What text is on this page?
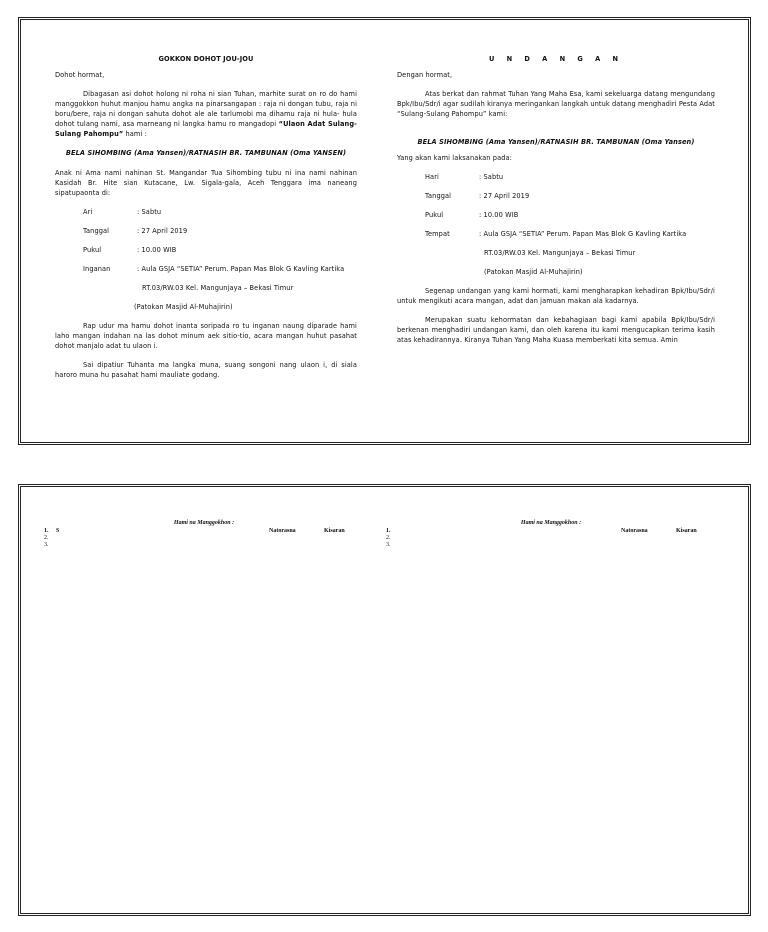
GOKKON DOHOT JOU-JOU

Dohot hormat,

Dibagasan asi dohot holong ni roha ni sian Tuhan, marhite surat on ro do hami manggokkon huhut manjou hamu angka na pinarsangapan : raja ni dongan tubu, raja ni boru/bere, raja ni dongan sahuta dohot ale ale tarlumobi ma dihamu raja ni hula- hula dohot tulang nami, asa marneang ni langka hamu ro mangadopi “Ulaon Adat Sulang-Sulang Pahompu” hami :

BELA SIHOMBING (Ama Yansen)/RATNASIH BR. TAMBUNAN (Oma YANSEN)

Anak ni Ama nami nahinan St. Mangandar Tua Sihombing tubu ni ina nami nahinan Kasidah Br. Hite sian Kutacane, Lw. Sigala-gala, Aceh Tenggara ima naneang sipatupaonta di:

Ari	: Sabtu
Tanggal	: 27 April 2019
Pukul	: 10.00 WIB
Inganan	: Aula GSJA “SETIA” Perum. Papan Mas Blok G Kavling Kartika
RT.03/RW.03 Kel. Mangunjaya – Bekasi Timur
(Patokan Masjid Al-Muhajirin)

Rap udur ma hamu dohot inanta soripada ro tu inganan naung diparade hami laho mangan indahan na las dohot minum aek sitio-tio, acara mangan huhut pasahat dohot manjalo adat tu ulaon i.

Sai dipatiur Tuhanta ma langka muna, suang songoni nang ulaon i, di siala haroro muna hu pasahat hami mauliate godang.

U N D A N G A N

Dengan hormat,

Atas berkat dan rahmat Tuhan Yang Maha Esa, kami sekeluarga datang mengundang Bpk/Ibu/Sdr/i agar sudilah kiranya meringankan langkah untuk datang menghadiri Pesta Adat “Sulang-Sulang Pahompu” kami:

BELA SIHOMBING (Ama Yansen)/RATNASIH BR. TAMBUNAN (Oma Yansen)

Yang akan kami laksanakan pada:

Hari	: Sabtu
Tanggal	: 27 April 2019
Pukul	: 10.00 WIB
Tempat	: Aula GSJA “SETIA” Perum. Papan Mas Blok G Kavling Kartika
RT.03/RW.03 Kel. Mangunjaya – Bekasi Timur
(Patokan Masjid Al-Muhajirin)

Segenap undangan yang kami hormati, kami mengharapkan kehadiran Bpk/Ibu/Sdr/i untuk mengikuti acara mangan, adat dan jamuan makan ala kadarnya.

Merupakan suatu kehormatan dan kebahagiaan bagi kami apabila Bpk/Ibu/Sdr/i berkenan menghadiri undangan kami, dan oleh karena itu kami mengucapkan terima kasih atas kehadirannya. Kiranya Tuhan Yang Maha Kuasa memberkati kita semua. Amin

Hami na Manggokhon :
1.	S	Natorasna	Kisaran
2.
3.
Hami na Manggokhon :
1.	Natorasna	Kisaran
2.
3.
